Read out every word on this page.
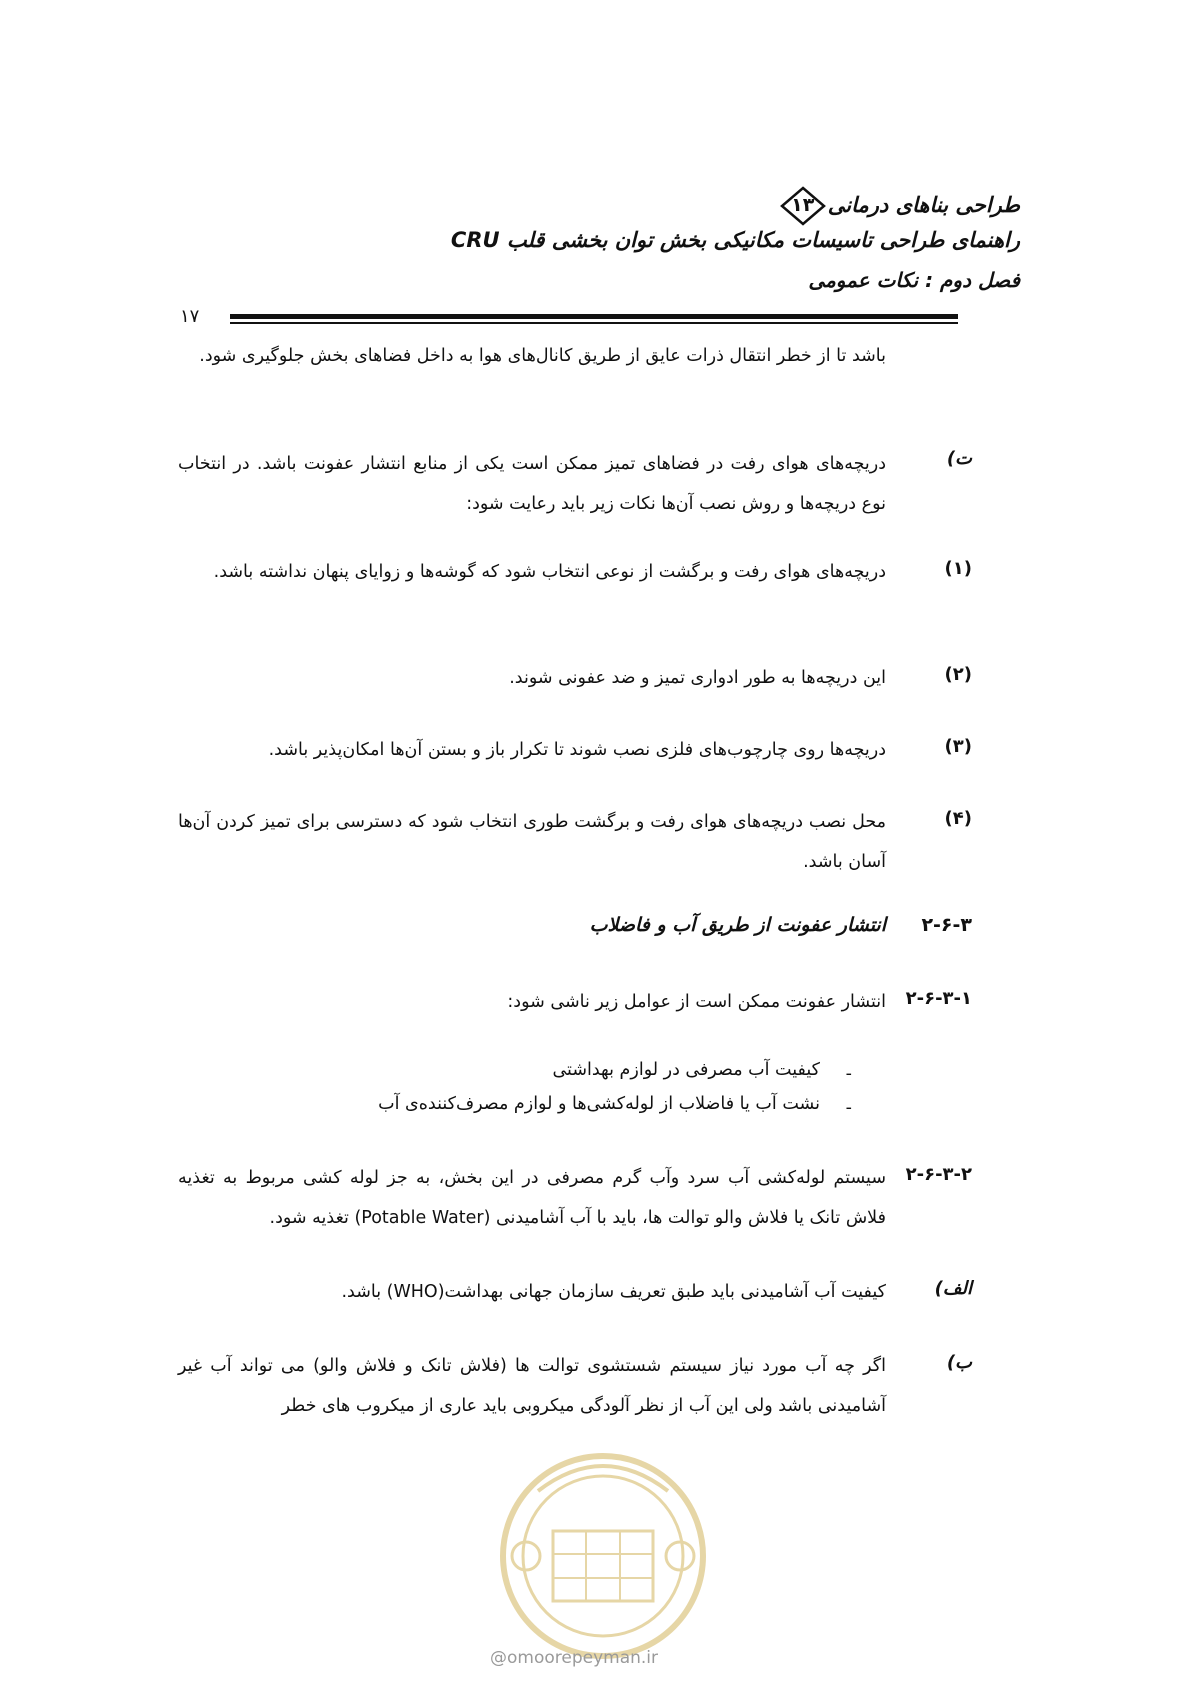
طراحی بناهای درمانی
۱۳
راهنمای طراحی تاسیسات مکانیکی بخش توان بخشی قلب CRU
فصل دوم : نکات عمومی
۱۷
باشد تا از خطر انتقال ذرات عایق از طریق کانال‌های هوا به داخل فضاهای بخش جلوگیری شود.
ت)
دریچه‌های هوای رفت در فضاهای تمیز ممکن است یکی از منابع انتشار عفونت باشد. در انتخاب نوع دریچه‌ها و روش نصب آن‌ها نکات زیر باید رعایت شود:
(۱)
دریچه‌های هوای رفت و برگشت از نوعی انتخاب شود که گوشه‌ها و زوایای پنهان نداشته باشد.
(۲)
این دریچه‌ها به طور ادواری تمیز و ضد عفونی شوند.
(۳)
دریچه‌ها روی چارچوب‌های فلزی نصب شوند تا تکرار باز و بستن آن‌ها امکان‌پذیر باشد.
(۴)
محل نصب دریچه‌های هوای رفت و برگشت طوری انتخاب شود که دسترسی برای تمیز کردن آن‌ها آسان باشد.
۲-۶-۳
انتشار عفونت از طریق آب و فاضلاب
۲-۶-۳-۱
انتشار عفونت ممکن است از عوامل زیر ناشی شود:
-
کیفیت آب مصرفی در لوازم بهداشتی
-
نشت آب یا فاضلاب از لوله‌کشی‌ها و لوازم مصرف‌کننده‌ی آب
۲-۶-۳-۲
سیستم لوله‌کشی آب سرد وآب گرم مصرفی در این بخش، به جز لوله کشی مربوط به تغذیه فلاش تانک یا فلاش والو توالت ها، باید با آب آشامیدنی (Potable Water) تغذیه شود.
الف)
کیفیت آب آشامیدنی باید طبق تعریف سازمان جهانی بهداشت(WHO) باشد.
ب)
اگر چه آب مورد نیاز سیستم شستشوی توالت ها (فلاش تانک و فلاش والو) می تواند آب غیر آشامیدنی باشد ولی این آب از نظر آلودگی میکروبی باید عاری از میکروب های خطر
@omoorepeyman.ir
